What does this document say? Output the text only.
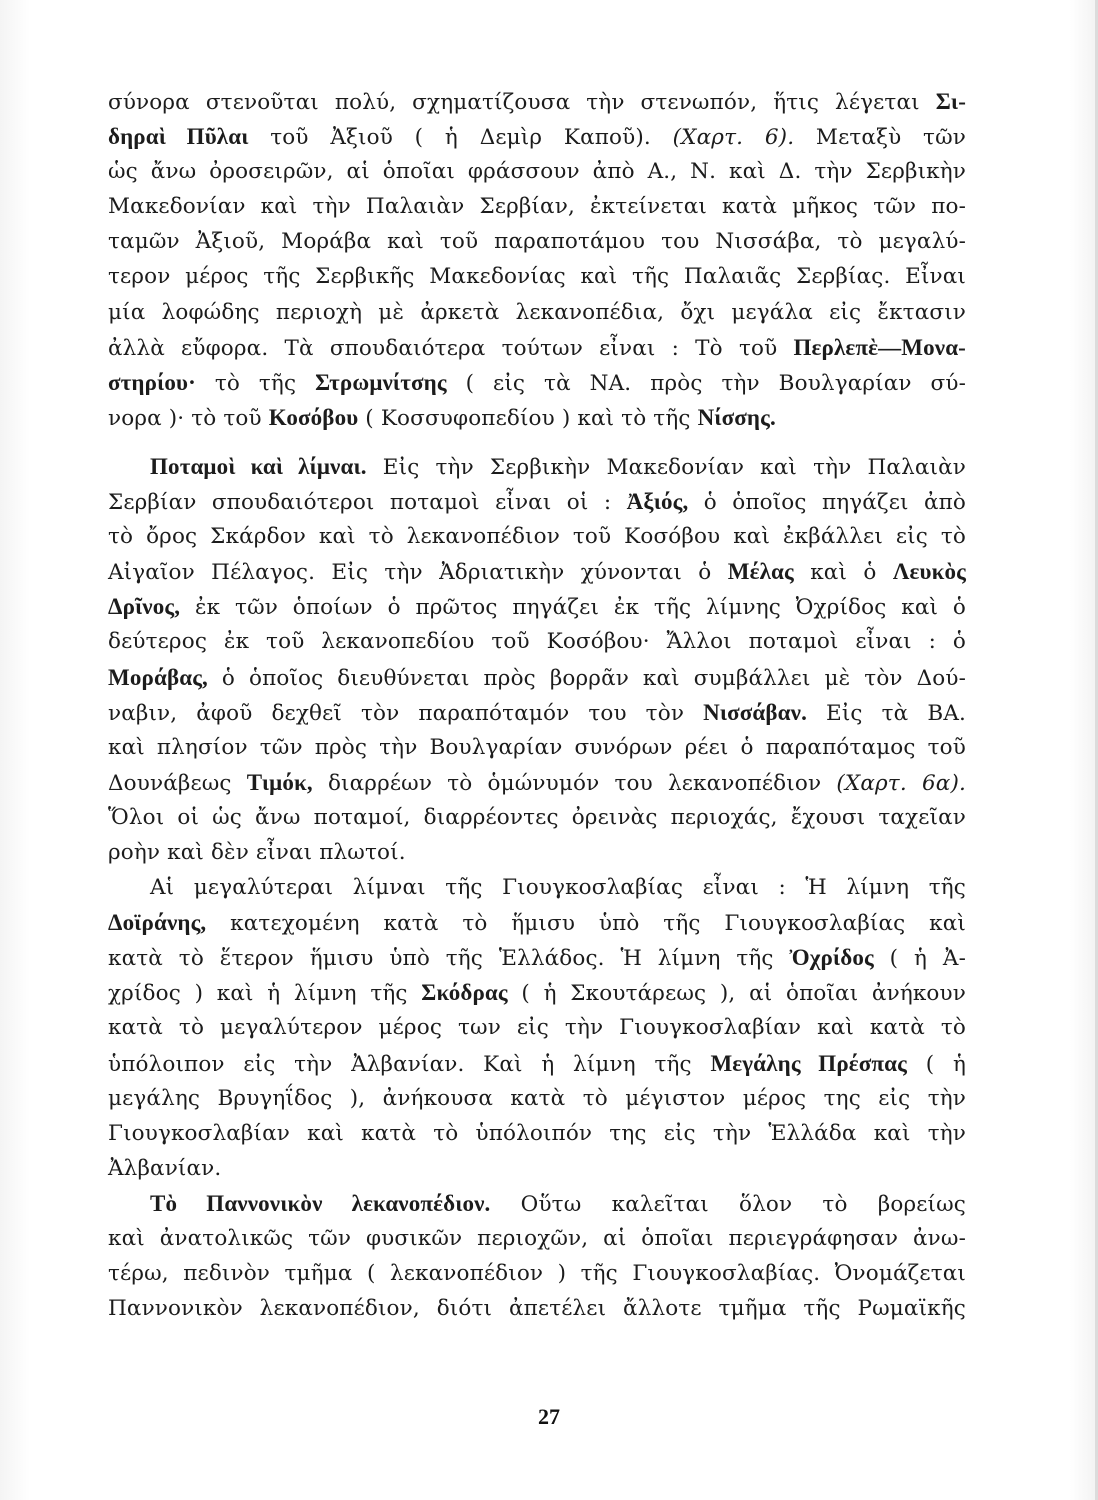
σύνορα στενοῦται πολύ, σχηματίζουσα τὴν στενωπόν, ἥτις λέγεται Σι-
δηραὶ Πῦλαι τοῦ Ἀξιοῦ ( ἡ Δεμὶρ Καποῦ). (Χαρτ. 6). Μεταξὺ τῶν
ὡς ἄνω ὀροσειρῶν, αἱ ὁποῖαι φράσσουν ἀπὸ Α., Ν. καὶ Δ. τὴν Σερβικὴν
Μακεδονίαν καὶ τὴν Παλαιὰν Σερβίαν, ἐκτείνεται κατὰ μῆκος τῶν πο-
ταμῶν Ἀξιοῦ, Μοράβα καὶ τοῦ παραποτάμου του Νισσάβα, τὸ μεγαλύ-
τερον μέρος τῆς Σερβικῆς Μακεδονίας καὶ τῆς Παλαιᾶς Σερβίας. Εἶναι
μία λοφώδης περιοχὴ μὲ ἀρκετὰ λεκανοπέδια, ὄχι μεγάλα εἰς ἔκτασιν
ἀλλὰ εὔφορα. Τὰ σπουδαιότερα τούτων εἶναι : Τὸ τοῦ Περλεπὲ—Μονα-
στηρίου· τὸ τῆς Στρωμνίτσης ( εἰς τὰ ΝΑ. πρὸς τὴν Βουλγαρίαν σύ-
νορα )· τὸ τοῦ Κοσόβου ( Κοσσυφοπεδίου ) καὶ τὸ τῆς Νίσσης.
Ποταμοὶ καὶ λίμναι. Εἰς τὴν Σερβικὴν Μακεδονίαν καὶ τὴν Παλαιὰν
Σερβίαν σπουδαιότεροι ποταμοὶ εἶναι οἱ : Ἀξιός, ὁ ὁποῖος πηγάζει ἀπὸ
τὸ ὄρος Σκάρδον καὶ τὸ λεκανοπέδιον τοῦ Κοσόβου καὶ ἐκβάλλει εἰς τὸ
Αἰγαῖον Πέλαγος. Εἰς τὴν Ἀδριατικὴν χύνονται ὁ Μέλας καὶ ὁ Λευκὸς
Δρῖνος, ἐκ τῶν ὁποίων ὁ πρῶτος πηγάζει ἐκ τῆς λίμνης Ὀχρίδος καὶ ὁ
δεύτερος ἐκ τοῦ λεκανοπεδίου τοῦ Κοσόβου· Ἄλλοι ποταμοὶ εἶναι : ὁ
Μοράβας, ὁ ὁποῖος διευθύνεται πρὸς βορρᾶν καὶ συμβάλλει μὲ τὸν Δού-
ναβιν, ἀφοῦ δεχθεῖ τὸν παραπόταμόν του τὸν Νισσάβαν. Εἰς τὰ ΒΑ.
καὶ πλησίον τῶν πρὸς τὴν Βουλγαρίαν συνόρων ρέει ὁ παραπόταμος τοῦ
Δουνάβεως Τιμόκ, διαρρέων τὸ ὁμώνυμόν του λεκανοπέδιον (Χαρτ. 6α).
Ὅλοι οἱ ὡς ἄνω ποταμοί, διαρρέοντες ὀρεινὰς περιοχάς, ἔχουσι ταχεῖαν
ροὴν καὶ δὲν εἶναι πλωτοί.
Αἱ μεγαλύτεραι λίμναι τῆς Γιουγκοσλαβίας εἶναι : Ἡ λίμνη τῆς
Δοϊράνης, κατεχομένη κατὰ τὸ ἥμισυ ὑπὸ τῆς Γιουγκοσλαβίας καὶ
κατὰ τὸ ἕτερον ἥμισυ ὑπὸ τῆς Ἑλλάδος. Ἡ λίμνη τῆς Ὀχρίδος ( ἡ Ἀ-
χρίδος ) καὶ ἡ λίμνη τῆς Σκόδρας ( ἡ Σκουτάρεως ), αἱ ὁποῖαι ἀνήκουν
κατὰ τὸ μεγαλύτερον μέρος των εἰς τὴν Γιουγκοσλαβίαν καὶ κατὰ τὸ
ὑπόλοιπον εἰς τὴν Ἀλβανίαν. Καὶ ἡ λίμνη τῆς Μεγάλης Πρέσπας ( ἡ
μεγάλης Βρυγηΐδος ), ἀνήκουσα κατὰ τὸ μέγιστον μέρος της εἰς τὴν
Γιουγκοσλαβίαν καὶ κατὰ τὸ ὑπόλοιπόν της εἰς τὴν Ἑλλάδα καὶ τὴν
Ἀλβανίαν.
Τὸ Παννονικὸν λεκανοπέδιον. Οὕτω καλεῖται ὅλον τὸ βορείως
καὶ ἀνατολικῶς τῶν φυσικῶν περιοχῶν, αἱ ὁποῖαι περιεγράφησαν ἀνω-
τέρω, πεδινὸν τμῆμα ( λεκανοπέδιον ) τῆς Γιουγκοσλαβίας. Ὀνομάζεται
Παννονικὸν λεκανοπέδιον, διότι ἀπετέλει ἄλλοτε τμῆμα τῆς Ρωμαϊκῆς
27
